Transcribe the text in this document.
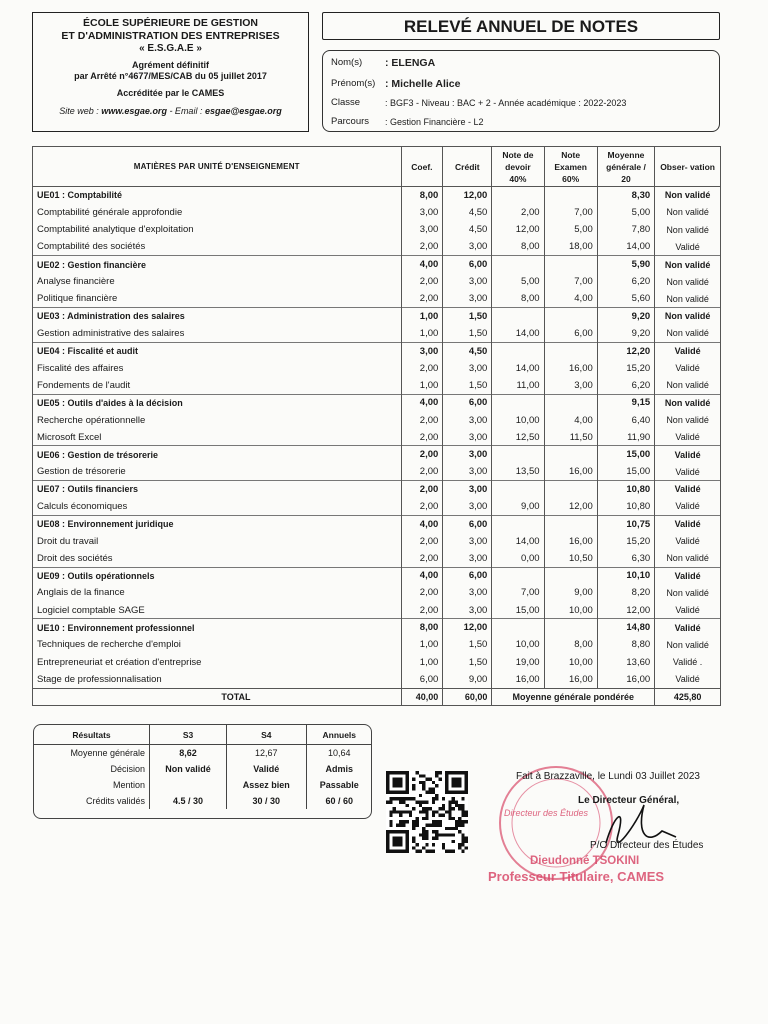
ÉCOLE SUPÉRIEURE DE GESTION
ET D'ADMINISTRATION DES ENTREPRISES
« E.S.G.A.E »
Agrément définitif
par Arrêté n°4677/MES/CAB du 05 juillet 2017
Accréditée par le CAMES
Site web : www.esgae.org - Email : esgae@esgae.org
RELEVÉ ANNUEL DE NOTES
Nom(s)	: ELENGA
Prénom(s) : Michelle Alice
Classe	: BGF3 - Niveau : BAC + 2 - Année académique : 2022-2023
Parcours	: Gestion Financière - L2
MATIÈRES PAR UNITÉ D'ENSEIGNEMENT	Coef.	Crédit	Note de devoir 40%	Note Examen 60%	Moyenne générale / 20	Obser- vation
UE01 : Comptabilité	8,00	12,00			8,30	Non validé
Comptabilité générale approfondie	3,00	4,50	2,00	7,00	5,00	Non validé
Comptabilité analytique d'exploitation	3,00	4,50	12,00	5,00	7,80	Non validé
Comptabilité des sociétés	2,00	3,00	8,00	18,00	14,00	Validé
UE02 : Gestion financière	4,00	6,00			5,90	Non validé
Analyse financière	2,00	3,00	5,00	7,00	6,20	Non validé
Politique financière	2,00	3,00	8,00	4,00	5,60	Non validé
UE03 : Administration des salaires	1,00	1,50			9,20	Non validé
Gestion administrative des salaires	1,00	1,50	14,00	6,00	9,20	Non validé
UE04 : Fiscalité et audit	3,00	4,50			12,20	Validé
Fiscalité des affaires	2,00	3,00	14,00	16,00	15,20	Validé
Fondements de l'audit	1,00	1,50	11,00	3,00	6,20	Non validé
UE05 : Outils d'aides à la décision	4,00	6,00			9,15	Non validé
Recherche opérationnelle	2,00	3,00	10,00	4,00	6,40	Non validé
Microsoft Excel	2,00	3,00	12,50	11,50	11,90	Validé
UE06 : Gestion de trésorerie	2,00	3,00			15,00	Validé
Gestion de trésorerie	2,00	3,00	13,50	16,00	15,00	Validé
UE07 : Outils financiers	2,00	3,00			10,80	Validé
Calculs économiques	2,00	3,00	9,00	12,00	10,80	Validé
UE08 : Environnement juridique	4,00	6,00			10,75	Validé
Droit du travail	2,00	3,00	14,00	16,00	15,20	Validé
Droit des sociétés	2,00	3,00	0,00	10,50	6,30	Non validé
UE09 : Outils opérationnels	4,00	6,00			10,10	Validé
Anglais de la finance	2,00	3,00	7,00	9,00	8,20	Non validé
Logiciel comptable SAGE	2,00	3,00	15,00	10,00	12,00	Validé
UE10 : Environnement professionnel	8,00	12,00			14,80	Validé
Techniques de recherche d'emploi	1,00	1,50	10,00	8,00	8,80	Non validé
Entrepreneuriat et création d'entreprise	1,00	1,50	19,00	10,00	13,60	Validé .
Stage de professionnalisation	6,00	9,00	16,00	16,00	16,00	Validé
TOTAL	40,00	60,00	Moyenne générale pondérée			425,80
Résultats	S3	S4	Annuels
Moyenne générale	8,62	12,67	10,64
Décision	Non validé	Validé	Admis
Mention		Assez bien	Passable
Crédits validés	4.5 / 30	30 / 30	60 / 60
Directeur des Études
Fait à Brazzaville, le Lundi 03 Juillet 2023
Le Directeur Général,
P/O Directeur des Études
Dieudonné TSOKINI
Professeur Titulaire, CAMES
